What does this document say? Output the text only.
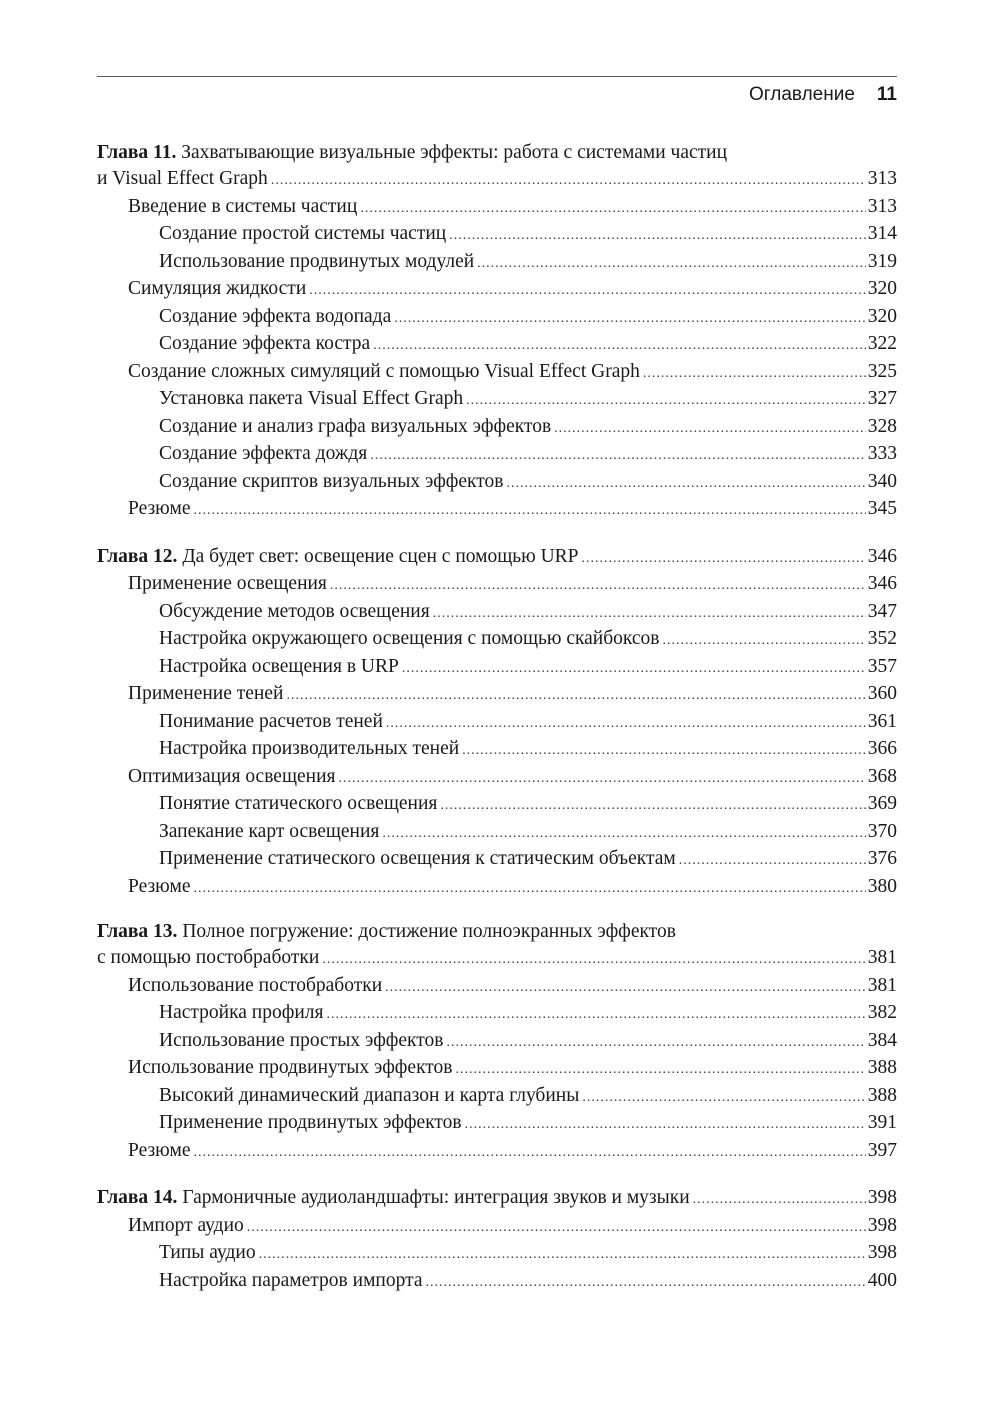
Оглавление 11
Глава 11. Захватывающие визуальные эффекты: работа с системами частиц
и Visual Effect Graph .....	313
Введение в системы частиц .....	313
Создание простой системы частиц .....	314
Использование продвинутых модулей .....	319
Симуляция жидкости .....	320
Создание эффекта водопада .....	320
Создание эффекта костра .....	322
Создание сложных симуляций с помощью Visual Effect Graph .....	325
Установка пакета Visual Effect Graph .....	327
Создание и анализ графа визуальных эффектов .....	328
Создание эффекта дождя .....	333
Создание скриптов визуальных эффектов .....	340
Резюме .....	345
Глава 12. Да будет свет: освещение сцен с помощью URP .....	346
Применение освещения .....	346
Обсуждение методов освещения .....	347
Настройка окружающего освещения с помощью скайбоксов .....	352
Настройка освещения в URP .....	357
Применение теней .....	360
Понимание расчетов теней .....	361
Настройка производительных теней .....	366
Оптимизация освещения .....	368
Понятие статического освещения .....	369
Запекание карт освещения .....	370
Применение статического освещения к статическим объектам .....	376
Резюме .....	380
Глава 13. Полное погружение: достижение полноэкранных эффектов
с помощью постобработки .....	381
Использование постобработки .....	381
Настройка профиля .....	382
Использование простых эффектов .....	384
Использование продвинутых эффектов .....	388
Высокий динамический диапазон и карта глубины .....	388
Применение продвинутых эффектов .....	391
Резюме .....	397
Глава 14. Гармоничные аудиоландшафты: интеграция звуков и музыки .....	398
Импорт аудио .....	398
Типы аудио .....	398
Настройка параметров импорта .....	400
